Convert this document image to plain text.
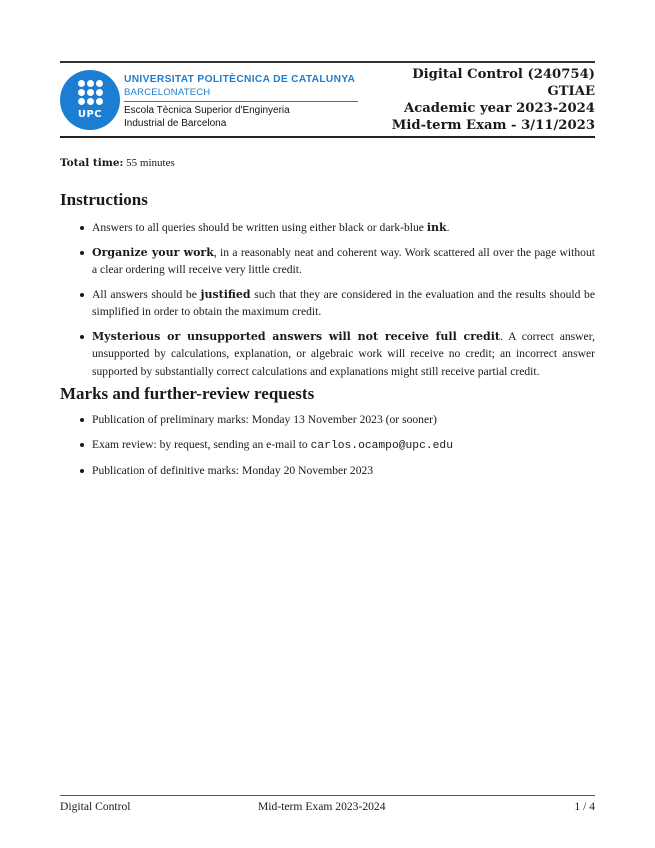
UPC
UNIVERSITAT POLITÈCNICA DE CATALUNYA
BARCELONATECH
Escola Tècnica Superior d'Enginyeria
Industrial de Barcelona
Digital Control (240754)
GTIAE
Academic year 2023-2024
Mid-term Exam - 3/11/2023
Total time: 55 minutes
Instructions
Answers to all queries should be written using either black or dark-blue ink.
Organize your work, in a reasonably neat and coherent way. Work scattered all over the page without a clear ordering will receive very little credit.
All answers should be justified such that they are considered in the evaluation and the results should be simplified in order to obtain the maximum credit.
Mysterious or unsupported answers will not receive full credit. A correct answer, unsupported by calculations, explanation, or algebraic work will receive no credit; an incorrect answer supported by substantially correct calculations and explanations might still receive partial credit.
Marks and further-review requests
Publication of preliminary marks: Monday 13 November 2023 (or sooner)
Exam review: by request, sending an e-mail to carlos.ocampo@upc.edu
Publication of definitive marks: Monday 20 November 2023
Digital Control	Mid-term Exam 2023-2024	1 / 4
